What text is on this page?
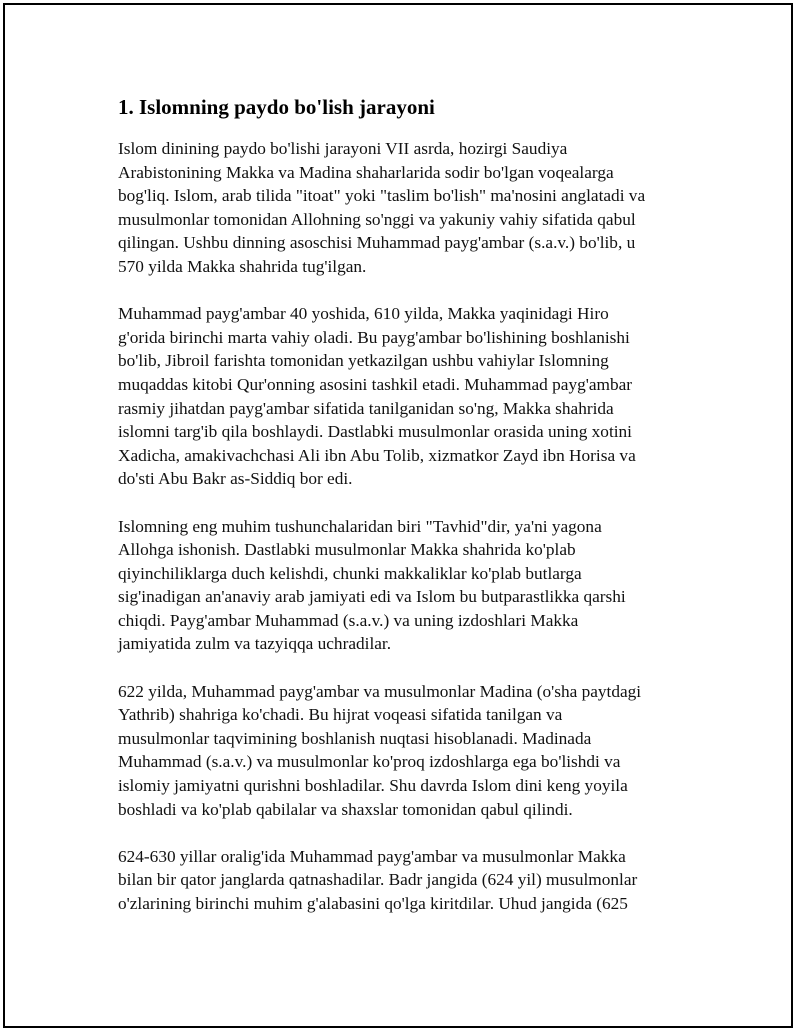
1. Islomning paydo bo'lish jarayoni

Islom dinining paydo bo'lishi jarayoni VII asrda, hozirgi Saudiya
Arabistonining Makka va Madina shaharlarida sodir bo'lgan voqealarga
bog'liq. Islom, arab tilida "itoat" yoki "taslim bo'lish" ma'nosini anglatadi va
musulmonlar tomonidan Allohning so'nggi va yakuniy vahiy sifatida qabul
qilingan. Ushbu dinning asoschisi Muhammad payg'ambar (s.a.v.) bo'lib, u
570 yilda Makka shahrida tug'ilgan.

Muhammad payg'ambar 40 yoshida, 610 yilda, Makka yaqinidagi Hiro
g'orida birinchi marta vahiy oladi. Bu payg'ambar bo'lishining boshlanishi
bo'lib, Jibroil farishta tomonidan yetkazilgan ushbu vahiylar Islomning
muqaddas kitobi Qur'onning asosini tashkil etadi. Muhammad payg'ambar
rasmiy jihatdan payg'ambar sifatida tanilganidan so'ng, Makka shahrida
islomni targ'ib qila boshlaydi. Dastlabki musulmonlar orasida uning xotini
Xadicha, amakivachchasi Ali ibn Abu Tolib, xizmatkor Zayd ibn Horisa va
do'sti Abu Bakr as-Siddiq bor edi.

Islomning eng muhim tushunchalaridan biri "Tavhid"dir, ya'ni yagona
Allohga ishonish. Dastlabki musulmonlar Makka shahrida ko'plab
qiyinchiliklarga duch kelishdi, chunki makkaliklar ko'plab butlarga
sig'inadigan an'anaviy arab jamiyati edi va Islom bu butparastlikka qarshi
chiqdi. Payg'ambar Muhammad (s.a.v.) va uning izdoshlari Makka
jamiyatida zulm va tazyiqqa uchradilar.

622 yilda, Muhammad payg'ambar va musulmonlar Madina (o'sha paytdagi
Yathrib) shahriga ko'chadi. Bu hijrat voqeasi sifatida tanilgan va
musulmonlar taqvimining boshlanish nuqtasi hisoblanadi. Madinada
Muhammad (s.a.v.) va musulmonlar ko'proq izdoshlarga ega bo'lishdi va
islomiy jamiyatni qurishni boshladilar. Shu davrda Islom dini keng yoyila
boshladi va ko'plab qabilalar va shaxslar tomonidan qabul qilindi.

624-630 yillar oralig'ida Muhammad payg'ambar va musulmonlar Makka
bilan bir qator janglarda qatnashadilar. Badr jangida (624 yil) musulmonlar
o'zlarining birinchi muhim g'alabasini qo'lga kiritdilar. Uhud jangida (625
